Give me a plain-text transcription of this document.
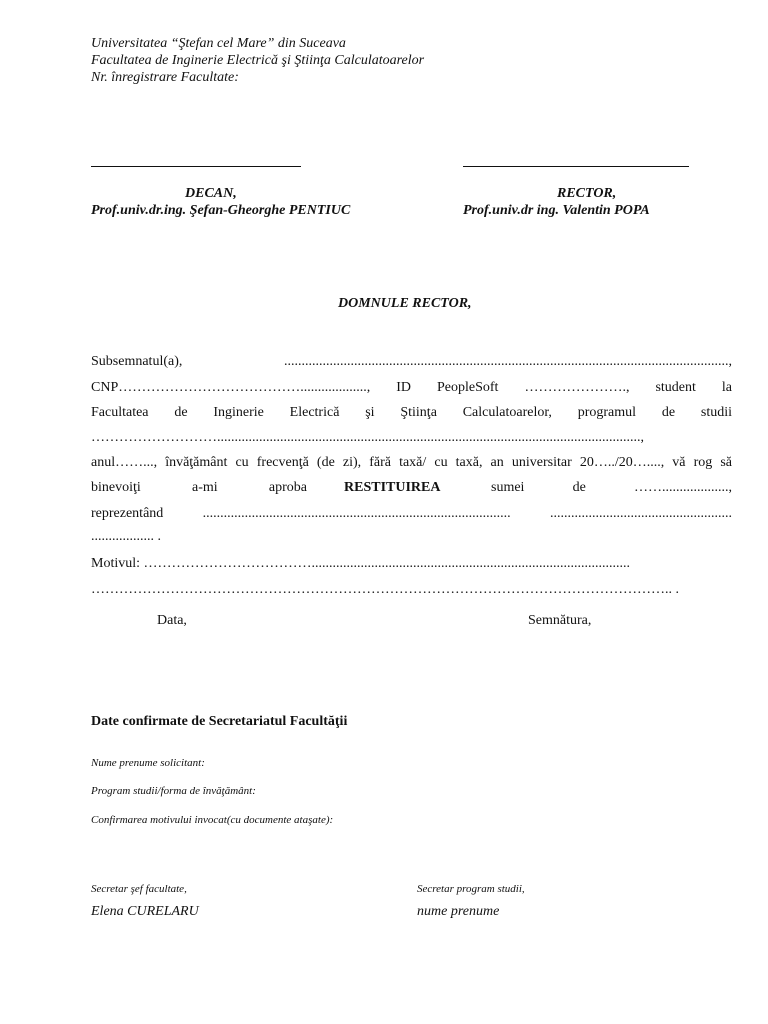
Universitatea “Ştefan cel Mare” din Suceava
Facultatea de Inginerie Electrică şi Ştiinţa Calculatoarelor
Nr. înregistrare Facultate:
DECAN,
Prof.univ.dr.ing. Şefan-Gheorghe PENTIUC
RECTOR,
Prof.univ.dr ing. Valentin POPA
DOMNULE RECTOR,
Subsemnatul(a), ...............................................................................................................................,
CNP…………………………………..................., ID PeopleSoft …………………., student la
Facultatea de Inginerie Electrică şi Ştiinţa Calculatoarelor, programul de studii
……………………….........................................................................................................................,
anul……..., învăţământ cu frecvenţă (de zi), fără taxă/ cu taxă, an universitar 20…../20…...., vă rog să
binevoiţi a-mi aproba	RESTITUIREA	sumei de ……...................,
reprezentând ........................................................................................ ....................................................
.................. .
Motivul: ………………………………...........................................................................................
…………………………………………………………………………………………………………….. .
Data,	Semnătura,
Date confirmate de Secretariatul Facultăţii
Nume prenume solicitant:
Program studii/forma de învăţământ:
Confirmarea motivului invocat(cu documente ataşate):
Secretar şef facultate,
Elena CURELARU
Secretar program studii,
nume prenume
